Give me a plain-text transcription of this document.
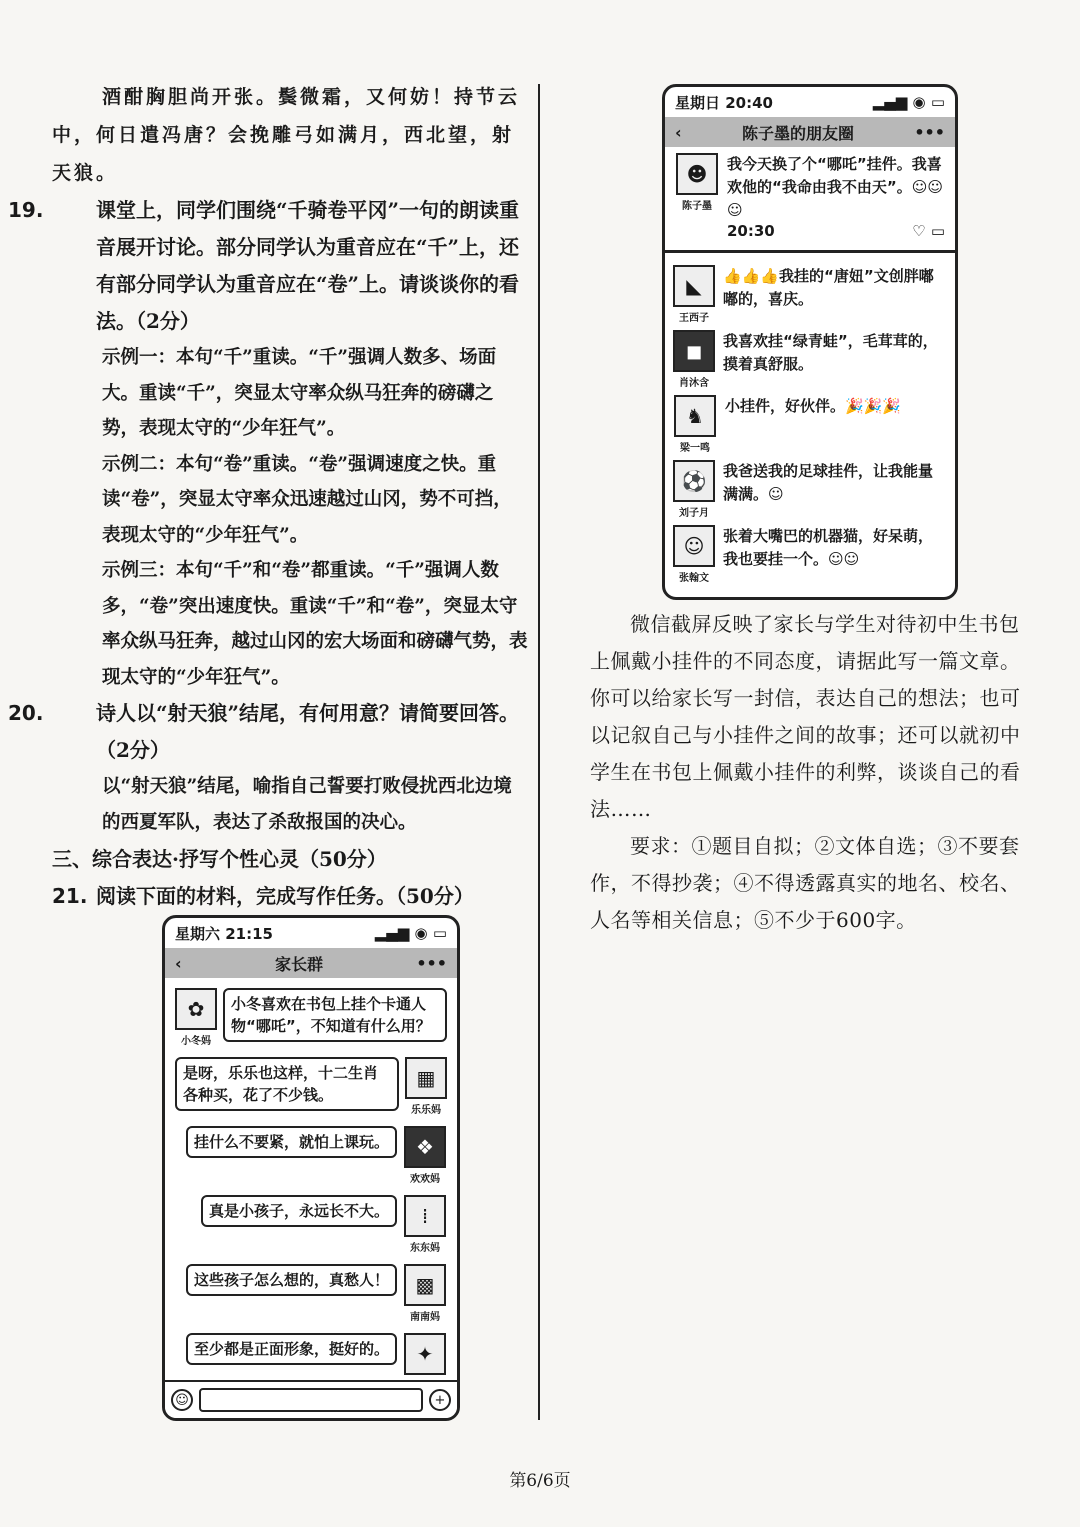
酒酣胸胆尚开张。鬓微霜，又何妨！持节云

中，何日遣冯唐？会挽雕弓如满月，西北望，射

天狼。

19.	课堂上，同学们围绕“千骑卷平冈”一句的朗读重音展开讨论。部分同学认为重音应在“千”上，还有部分同学认为重音应在“卷”上。请谈谈你的看法。（2分）

示例一：本句“千”重读。“千”强调人数多、场面大。重读“千”，突显太守率众纵马狂奔的磅礴之势，表现太守的“少年狂气”。

示例二：本句“卷”重读。“卷”强调速度之快。重读“卷”，突显太守率众迅速越过山冈，势不可挡，表现太守的“少年狂气”。

示例三：本句“千”和“卷”都重读。“千”强调人数多，“卷”突出速度快。重读“千”和“卷”，突显太守率众纵马狂奔，越过山冈的宏大场面和磅礴气势，表现太守的“少年狂气”。

20.	诗人以“射天狼”结尾，有何用意？请简要回答。（2分）

以“射天狼”结尾，喻指自己誓要打败侵扰西北边境的西夏军队，表达了杀敌报国的决心。

三、综合表达·抒写个性心灵（50分）
21. 阅读下面的材料，完成写作任务。（50分）
星期六 21:15	▂▄▆ ◉ ▭
‹	家长群	•••
✿
小冬妈
小冬喜欢在书包上挂个卡通人物“哪吒”，不知道有什么用？
是呀，乐乐也这样，十二生肖各种买，花了不少钱。
▦
乐乐妈
挂什么不要紧，就怕上课玩。	❖
欢欢妈
真是小孩子，永远长不大。	⁞
东东妈
这些孩子怎么想的，真愁人！	▩
南南妈
至少都是正面形象，挺好的。	✦
☺	+
星期日 20:40	▂▄▆ ◉ ▭
‹	陈子墨的朋友圈	•••
☻
陈子墨
我今天换了个“哪吒”挂件。我喜欢他的“我命由我不由天”。☺☺☺
20:30	♡ ▭
◣
王西子
👍👍👍我挂的“唐妞”文创胖嘟嘟的，喜庆。
◼
肖沐含
我喜欢挂“绿青蛙”，毛茸茸的，摸着真舒服。
♞
梁一鸣
小挂件，好伙伴。🎉🎉🎉
⚽
刘子月
我爸送我的足球挂件，让我能量满满。☺
☺
张翰文
张着大嘴巴的机器猫，好呆萌，我也要挂一个。☺☺

微信截屏反映了家长与学生对待初中生书包上佩戴小挂件的不同态度，请据此写一篇文章。你可以给家长写一封信，表达自己的想法；也可以记叙自己与小挂件之间的故事；还可以就初中学生在书包上佩戴小挂件的利弊，谈谈自己的看法……

要求：①题目自拟；②文体自选；③不要套作，不得抄袭；④不得透露真实的地名、校名、人名等相关信息；⑤不少于600字。

第6/6页
